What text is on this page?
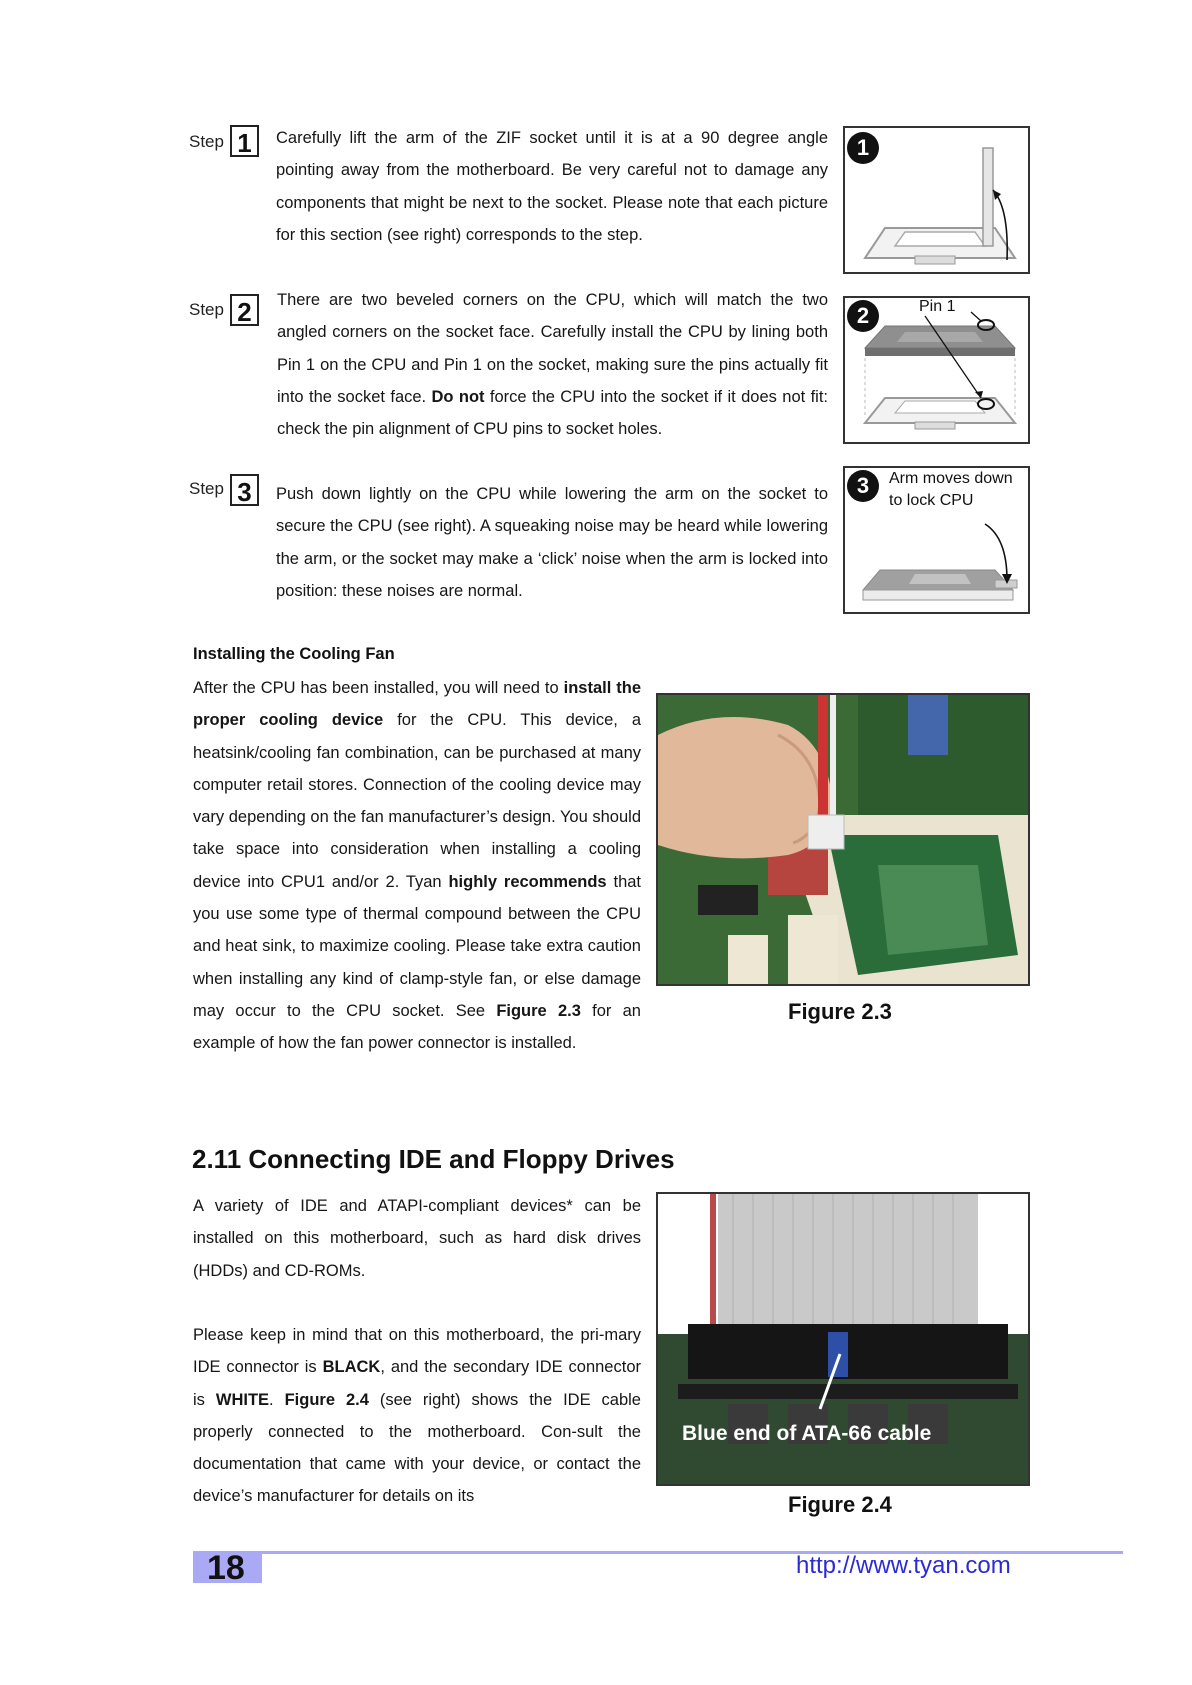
Step 1	Carefully lift the arm of the ZIF socket until it is at a 90 degree angle pointing away from the motherboard. Be very careful not to damage any components that might be next to the socket. Please note that each picture for this section (see right) corresponds to the step.
1
Step 2	There are two beveled corners on the CPU, which will match the two angled corners on the socket face. Carefully install the CPU by lining both Pin 1 on the CPU and Pin 1 on the socket, making sure the pins actually fit into the socket face. Do not force the CPU into the socket if it does not fit: check the pin alignment of CPU pins to socket holes.
2	Pin 1
Step 3	Push down lightly on the CPU while lowering the arm on the socket to secure the CPU (see right). A squeaking noise may be heard while lowering the arm, or the socket may make a ‘click’ noise when the arm is locked into position: these noises are normal.
3	Arm moves down
to lock CPU
Installing the Cooling Fan
After the CPU has been installed, you will need to install the proper cooling device for the CPU. This device, a heatsink/cooling fan combination, can be purchased at many computer retail stores. Connection of the cooling device may vary depending on the fan manufacturer’s design. You should take space into consideration when installing a cooling device into CPU1 and/or 2. Tyan highly recommends that you use some type of thermal compound between the CPU and heat sink, to maximize cooling. Please take extra caution when installing any kind of clamp-style fan, or else damage may occur to the CPU socket. See Figure 2.3 for an example of how the fan power connector is installed.
Figure 2.3
2.11 Connecting IDE and Floppy Drives
A variety of IDE and ATAPI-compliant devices* can be installed on this motherboard, such as hard disk drives (HDDs) and CD-ROMs.
Please keep in mind that on this motherboard, the pri-mary IDE connector is BLACK, and the secondary IDE connector is WHITE. Figure 2.4 (see right) shows the IDE cable properly connected to the motherboard. Con-sult the documentation that came with your device, or contact the device’s manufacturer for details on its
Blue end of ATA-66 cable
Figure 2.4
18	http://www.tyan.com
